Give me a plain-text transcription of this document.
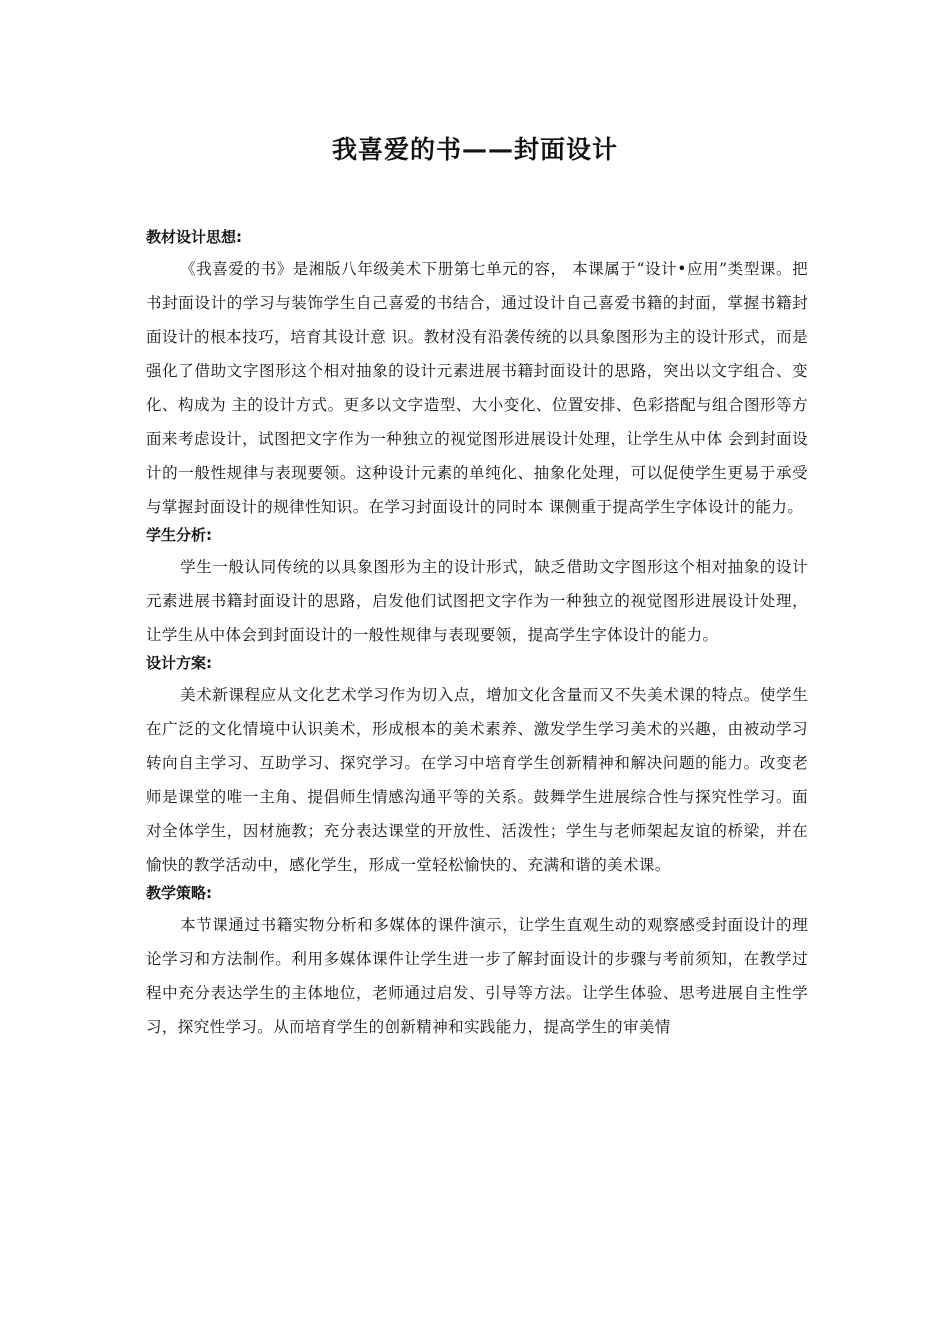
我喜爱的书——封面设计
教材设计思想:

《我喜爱的书》是湘版八年级美术下册第七单元的容， 本课属于“设计•应用”类型课。把书封面设计的学习与装饰学生自己喜爱的书结合，通过设计自己喜爱书籍的封面，掌握书籍封面设计的根本技巧，培育其设计意 识。教材没有沿袭传统的以具象图形为主的设计形式，而是强化了借助文字图形这个相对抽象的设计元素进展书籍封面设计的思路，突出以文字组合、变化、构成为 主的设计方式。更多以文字造型、大小变化、位置安排、色彩搭配与组合图形等方面来考虑设计，试图把文字作为一种独立的视觉图形进展设计处理，让学生从中体 会到封面设计的一般性规律与表现要领。这种设计元素的单纯化、抽象化处理，可以促使学生更易于承受与掌握封面设计的规律性知识。在学习封面设计的同时本 课侧重于提高学生字体设计的能力。

学生分析:

学生一般认同传统的以具象图形为主的设计形式，缺乏借助文字图形这个相对抽象的设计元素进展书籍封面设计的思路，启发他们试图把文字作为一种独立的视觉图形进展设计处理，让学生从中体会到封面设计的一般性规律与表现要领，提高学生字体设计的能力。

设计方案:

美术新课程应从文化艺术学习作为切入点，增加文化含量而又不失美术课的特点。使学生在广泛的文化情境中认识美术，形成根本的美术素养、激发学生学习美术的兴趣，由被动学习转向自主学习、互助学习、探究学习。在学习中培育学生创新精神和解决问题的能力。改变老师是课堂的唯一主角、提倡师生情感沟通平等的关系。鼓舞学生进展综合性与探究性学习。面对全体学生，因材施教；充分表达课堂的开放性、活泼性；学生与老师架起友谊的桥梁，并在愉快的教学活动中，感化学生，形成一堂轻松愉快的、充满和谐的美术课。

教学策略:

本节课通过书籍实物分析和多媒体的课件演示，让学生直观生动的观察感受封面设计的理论学习和方法制作。利用多媒体课件让学生进一步了解封面设计的步骤与考前须知，在教学过程中充分表达学生的主体地位，老师通过启发、引导等方法。让学生体验、思考进展自主性学习，探究性学习。从而培育学生的创新精神和实践能力，提高学生的审美情
